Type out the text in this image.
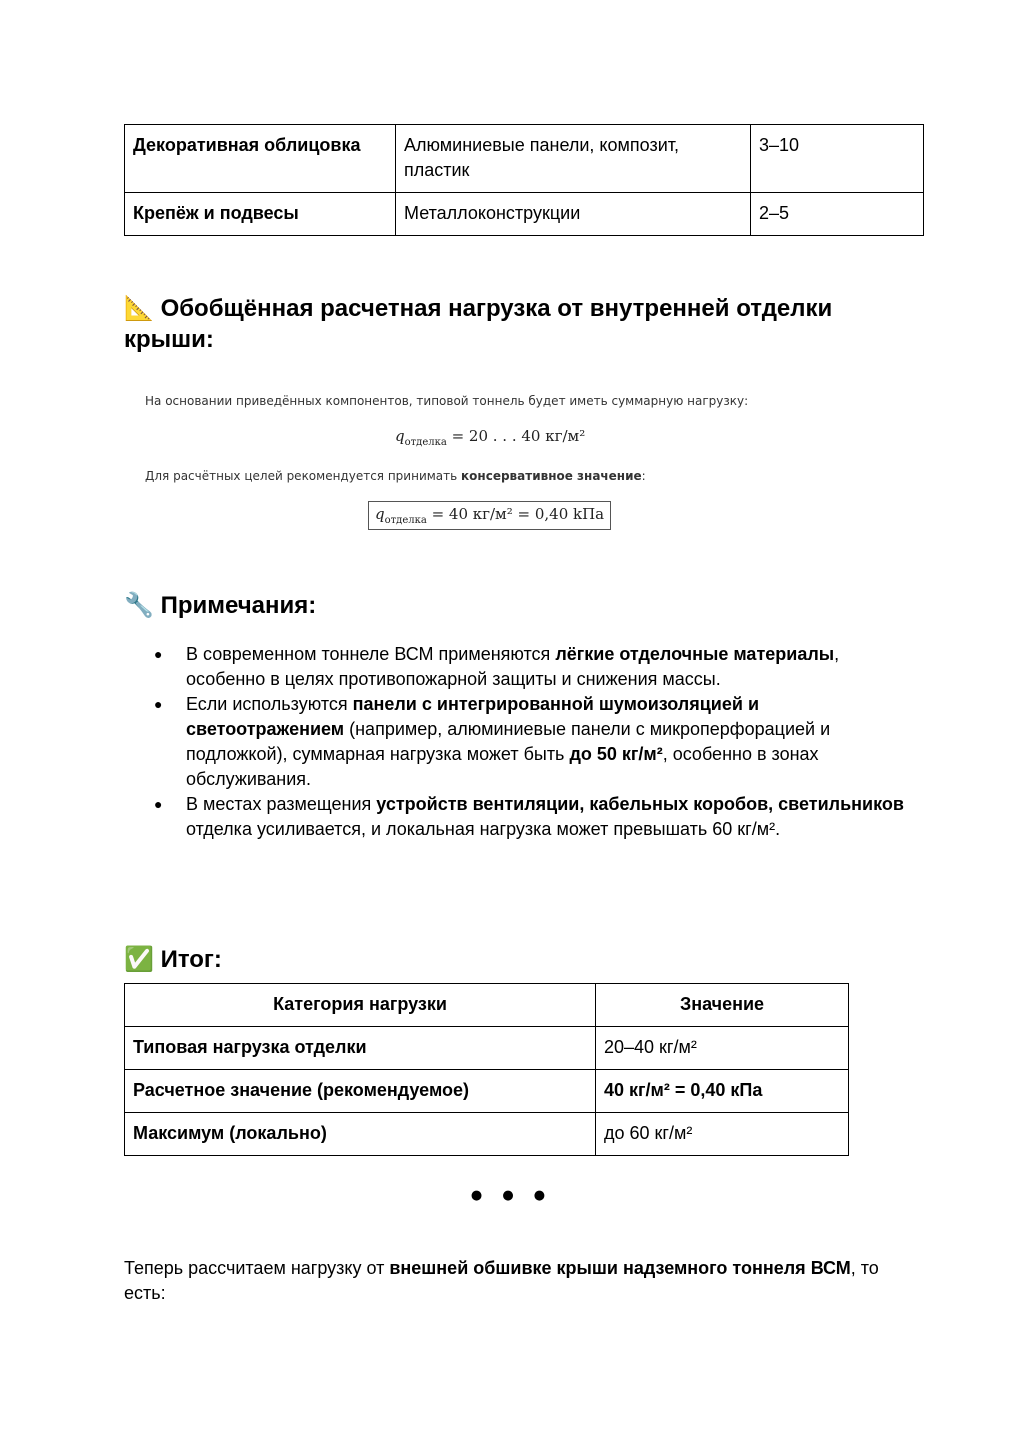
Декоративная облицовка	Алюминиевые панели, композит, пластик	3–10
Крепёж и подвесы	Металлоконструкции	2–5
📐 Обобщённая расчетная нагрузка от внутренней отделки крыши:
На основании приведённых компонентов, типовой тоннель будет иметь суммарную нагрузку:
$q_{отделка} = 20$ . . . 40 кг/м²
Для расчётных целей рекомендуется принимать консервативное значение:
$q_{отделка} = 40$ кг/м² = 0,40 kПа
🔧 Примечания:
● В современном тоннеле ВСМ применяются лёгкие отделочные материалы, особенно в целях противопожарной защиты и снижения массы.
● Если используются панели с интегрированной шумоизоляцией и светоотражением (например, алюминиевые панели с микроперфорацией и подложкой), суммарная нагрузка может быть до 50 кг/м², особенно в зонах обслуживания.
● В местах размещения устройств вентиляции, кабельных коробов, светильников отделка усиливается, и локальная нагрузка может превышать 60 кг/м².
✅ Итог:
Категория нагрузки	Значение
Типовая нагрузка отделки	20–40 кг/м²
Расчетное значение (рекомендуемое)	40 кг/м² = 0,40 кПа
Максимум (локально)	до 60 кг/м²
● ● ●

Теперь рассчитаем нагрузку от внешней обшивке крыши надземного тоннеля ВСМ, то есть:
